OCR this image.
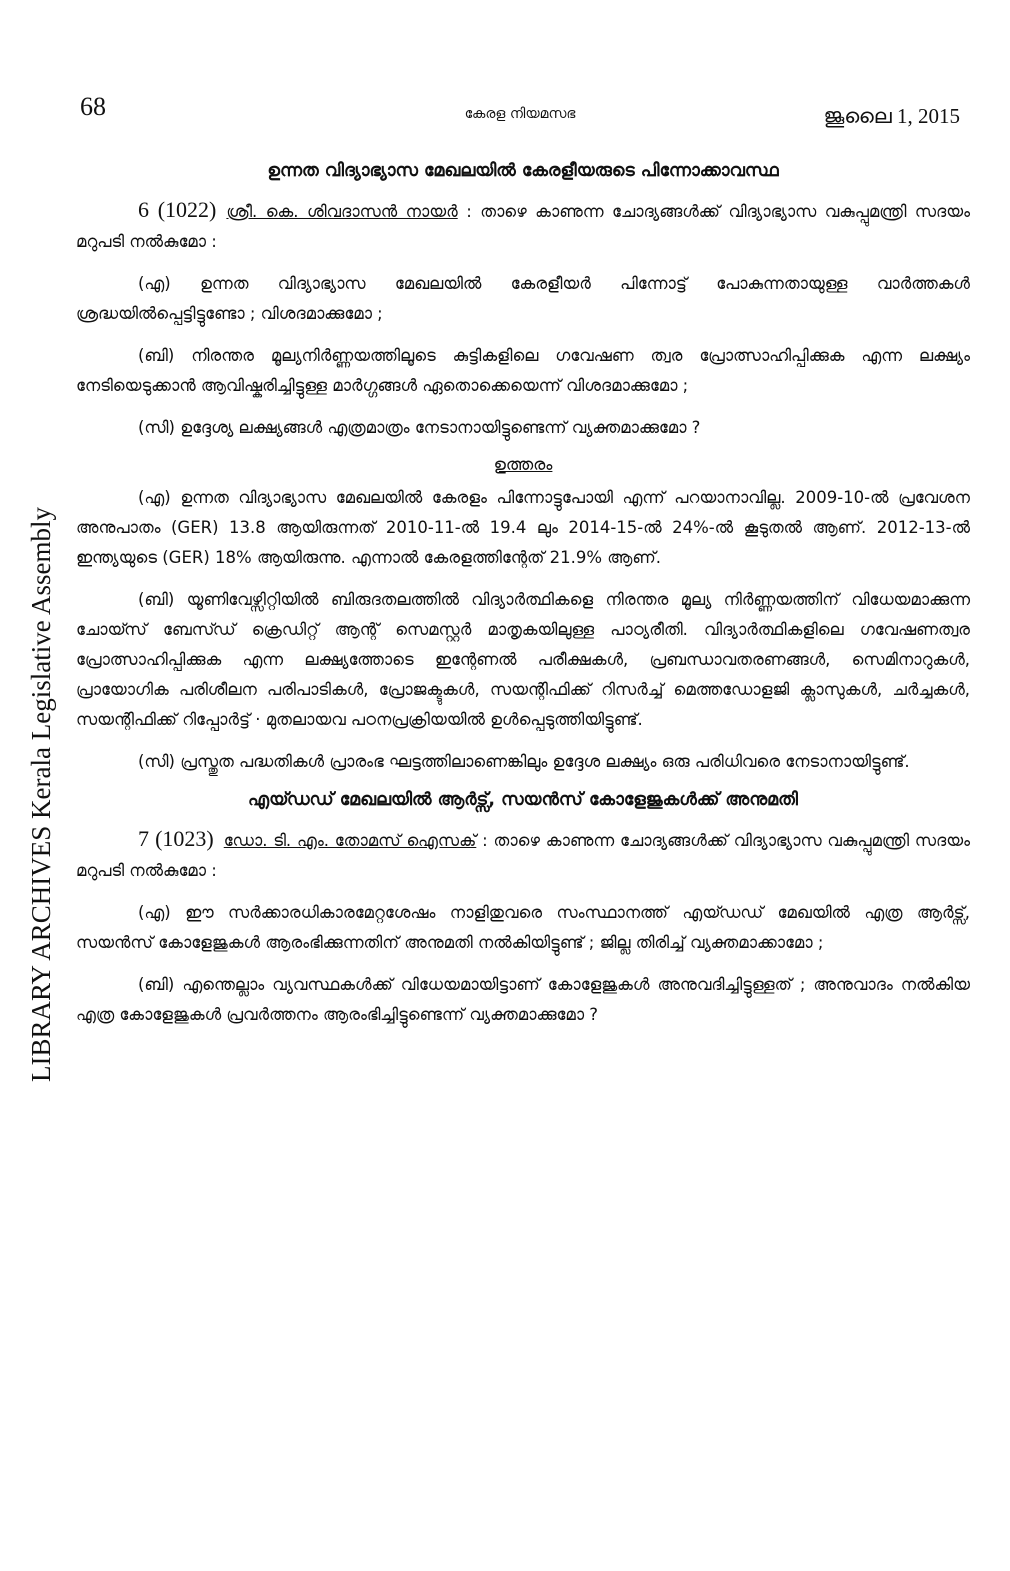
68	കേരള നിയമസഭ	ജൂലൈ 1, 2015
LIBRARY ARCHIVES Kerala Legislative Assembly
ഉന്നത വിദ്യാഭ്യാസ മേഖലയിൽ കേരളീയരുടെ പിന്നോക്കാവസ്ഥ

6 (1022) ശ്രീ. കെ. ശിവദാസൻ നായർ : താഴെ കാണുന്ന ചോദ്യങ്ങൾക്ക് വിദ്യാഭ്യാസ വകുപ്പുമന്ത്രി സദയം മറുപടി നൽകുമോ :

(എ) ഉന്നത വിദ്യാഭ്യാസ മേഖലയിൽ കേരളീയർ പിന്നോട്ട് പോകുന്നതായുള്ള വാർത്തകൾ ശ്രദ്ധയിൽപ്പെട്ടിട്ടുണ്ടോ ; വിശദമാക്കുമോ ;

(ബി) നിരന്തര മൂല്യനിർണ്ണയത്തിലൂടെ കുട്ടികളിലെ ഗവേഷണ ത്വര പ്രോത്സാഹിപ്പിക്കുക എന്ന ലക്ഷ്യം നേടിയെടുക്കാൻ ആവിഷ്കരിച്ചിട്ടുള്ള മാർഗ്ഗങ്ങൾ ഏതൊക്കെയെന്ന് വിശദമാക്കുമോ ;

(സി) ഉദ്ദേശ്യ ലക്ഷ്യങ്ങൾ എത്രമാത്രം നേടാനായിട്ടുണ്ടെന്ന് വ്യക്തമാക്കുമോ ?

ഉത്തരം

(എ) ഉന്നത വിദ്യാഭ്യാസ മേഖലയിൽ കേരളം പിന്നോട്ടുപോയി എന്ന് പറയാനാവില്ല. 2009-10-ൽ പ്രവേശന അനുപാതം (GER) 13.8 ആയിരുന്നത് 2010-11-ൽ 19.4 ലും 2014-15-ൽ 24%-ൽ കൂടുതൽ ആണ്. 2012-13-ൽ ഇന്ത്യയുടെ (GER) 18% ആയിരുന്നു. എന്നാൽ കേരളത്തിന്റേത് 21.9% ആണ്.

(ബി) യൂണിവേഴ്സിറ്റിയിൽ ബിരുദതലത്തിൽ വിദ്യാർത്ഥികളെ നിരന്തര മൂല്യ നിർണ്ണയത്തിന് വിധേയമാക്കുന്ന ചോയ്സ് ബേസ്ഡ് ക്രെഡിറ്റ് ആന്റ് സെമസ്റ്റർ മാതൃകയിലുള്ള പാഠ്യരീതി. വിദ്യാർത്ഥികളിലെ ഗവേഷണത്വര പ്രോത്സാഹിപ്പിക്കുക എന്ന ലക്ഷ്യത്തോടെ ഇന്റേണൽ പരീക്ഷകൾ, പ്രബന്ധാവതരണങ്ങൾ, സെമിനാറുകൾ, പ്രായോഗിക പരിശീലന പരിപാടികൾ, പ്രോജക്ടുകൾ, സയന്റിഫിക്ക് റിസർച്ച് മെത്തഡോളജി ക്ലാസുകൾ, ചർച്ചകൾ, സയന്റിഫിക്ക് റിപ്പോർട്ട് · മുതലായവ പഠനപ്രക്രിയയിൽ ഉൾപ്പെടുത്തിയിട്ടുണ്ട്.

(സി) പ്രസ്തുത പദ്ധതികൾ പ്രാരംഭ ഘട്ടത്തിലാണെങ്കിലും ഉദ്ദേശ ലക്ഷ്യം ഒരു പരിധിവരെ നേടാനായിട്ടുണ്ട്.

എയ്ഡഡ് മേഖലയിൽ ആർട്സ്, സയൻസ് കോളേജുകൾക്ക് അനുമതി

7 (1023) ഡോ. ടി. എം. തോമസ് ഐസക് : താഴെ കാണുന്ന ചോദ്യങ്ങൾക്ക് വിദ്യാഭ്യാസ വകുപ്പുമന്ത്രി സദയം മറുപടി നൽകുമോ :

(എ) ഈ സർക്കാരധികാരമേറ്റശേഷം നാളിതുവരെ സംസ്ഥാനത്ത് എയ്ഡഡ് മേഖയിൽ എത്ര ആർട്സ്, സയൻസ് കോളേജുകൾ ആരംഭിക്കുന്നതിന് അനുമതി നൽകിയിട്ടുണ്ട് ; ജില്ല തിരിച്ച് വ്യക്തമാക്കാമോ ;

(ബി) എന്തെല്ലാം വ്യവസ്ഥകൾക്ക് വിധേയമായിട്ടാണ് കോളേജുകൾ അനുവദിച്ചിട്ടുള്ളത് ; അനുവാദം നൽകിയ എത്ര കോളേജുകൾ പ്രവർത്തനം ആരംഭിച്ചിട്ടുണ്ടെന്ന് വ്യക്തമാക്കുമോ ?
